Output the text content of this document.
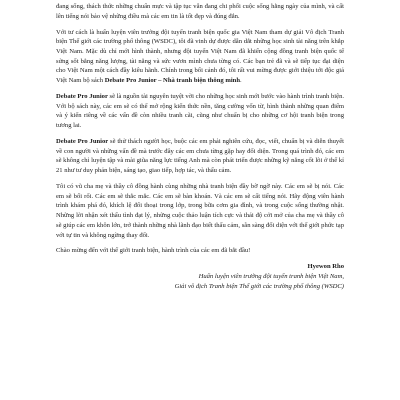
đang sống, thách thức những chuẩn mực và tập tục vẫn đang chi phối cuộc sống hằng ngày của mình, và cất lên tiếng nói bảo vệ những điều mà các em tin là tốt đẹp và đúng đắn.

Với tư cách là huấn luyện viên trưởng đội tuyển tranh biện quốc gia Việt Nam tham dự giải Vô địch Tranh biện Thế giới các trường phổ thông (WSDC), tôi đã vinh dự được dẫn dắt những học sinh tài năng trên khắp Việt Nam. Mặc dù chỉ mới hình thành, nhưng đội tuyển Việt Nam đã khiến cộng đồng tranh biện quốc tế sửng sốt bằng năng lượng, tài năng và sức vươn mình chưa từng có. Các bạn trẻ đã và sẽ tiếp tục đại diện cho Việt Nam một cách đầy kiêu hãnh. Chính trong bối cảnh đó, tôi rất vui mừng được giới thiệu tới độc giả Việt Nam bộ sách Debate Pro Junior – Nhà tranh biện thông minh.

Debate Pro Junior sẽ là nguồn tài nguyên tuyệt vời cho những học sinh mới bước vào hành trình tranh biện. Với bộ sách này, các em sẽ có thể mở rộng kiến thức nền, tăng cường vốn từ, hình thành những quan điểm và ý kiến riêng về các vấn đề còn nhiều tranh cãi, cũng như chuẩn bị cho những cơ hội tranh biện trong tương lai.

Debate Pro Junior sẽ thử thách người học, buộc các em phải nghiên cứu, đọc, viết, chuẩn bị và diễn thuyết về con người và những vấn đề mà trước đây các em chưa từng gặp hay đối diện. Trong quá trình đó, các em sẽ không chỉ luyện tập và mài giũa năng lực tiếng Anh mà còn phát triển được những kỹ năng cốt lõi ở thế kỉ 21 như tư duy phản biện, sáng tạo, giao tiếp, hợp tác, và thấu cảm.

Tôi có vũ cha mẹ và thầy cô đồng hành cùng những nhà tranh biện đầy bỡ ngỡ này. Các em sẽ bị nói. Các em sẽ bối rối. Các em sẽ thắc mắc. Các em sẽ bàn khoán. Và các em sẽ cất tiếng nói. Hãy động viên hành trình khám phá đó, khích lệ đối thoại trong lớp, trong bữa cơm gia đình, và trong cuộc sống thường nhật. Những lời nhận xét thấu tình đạt lý, những cuộc thảo luận tích cực và thái độ cởi mở của cha mẹ và thầy cô sẽ giúp các em khôn lớn, trở thành những nhà lãnh đạo biết thấu cảm, sẵn sàng đối diện với thế giới phức tạp với tự tin và không ngừng thay đổi.

Chào mừng đến với thế giới tranh biện, hành trình của các em đã bắt đầu!

Hyewon Rho
Huấn luyện viên trưởng đội tuyển tranh biện Việt Nam,
Giải vô địch Tranh biện Thế giới các trường phổ thông (WSDC)
